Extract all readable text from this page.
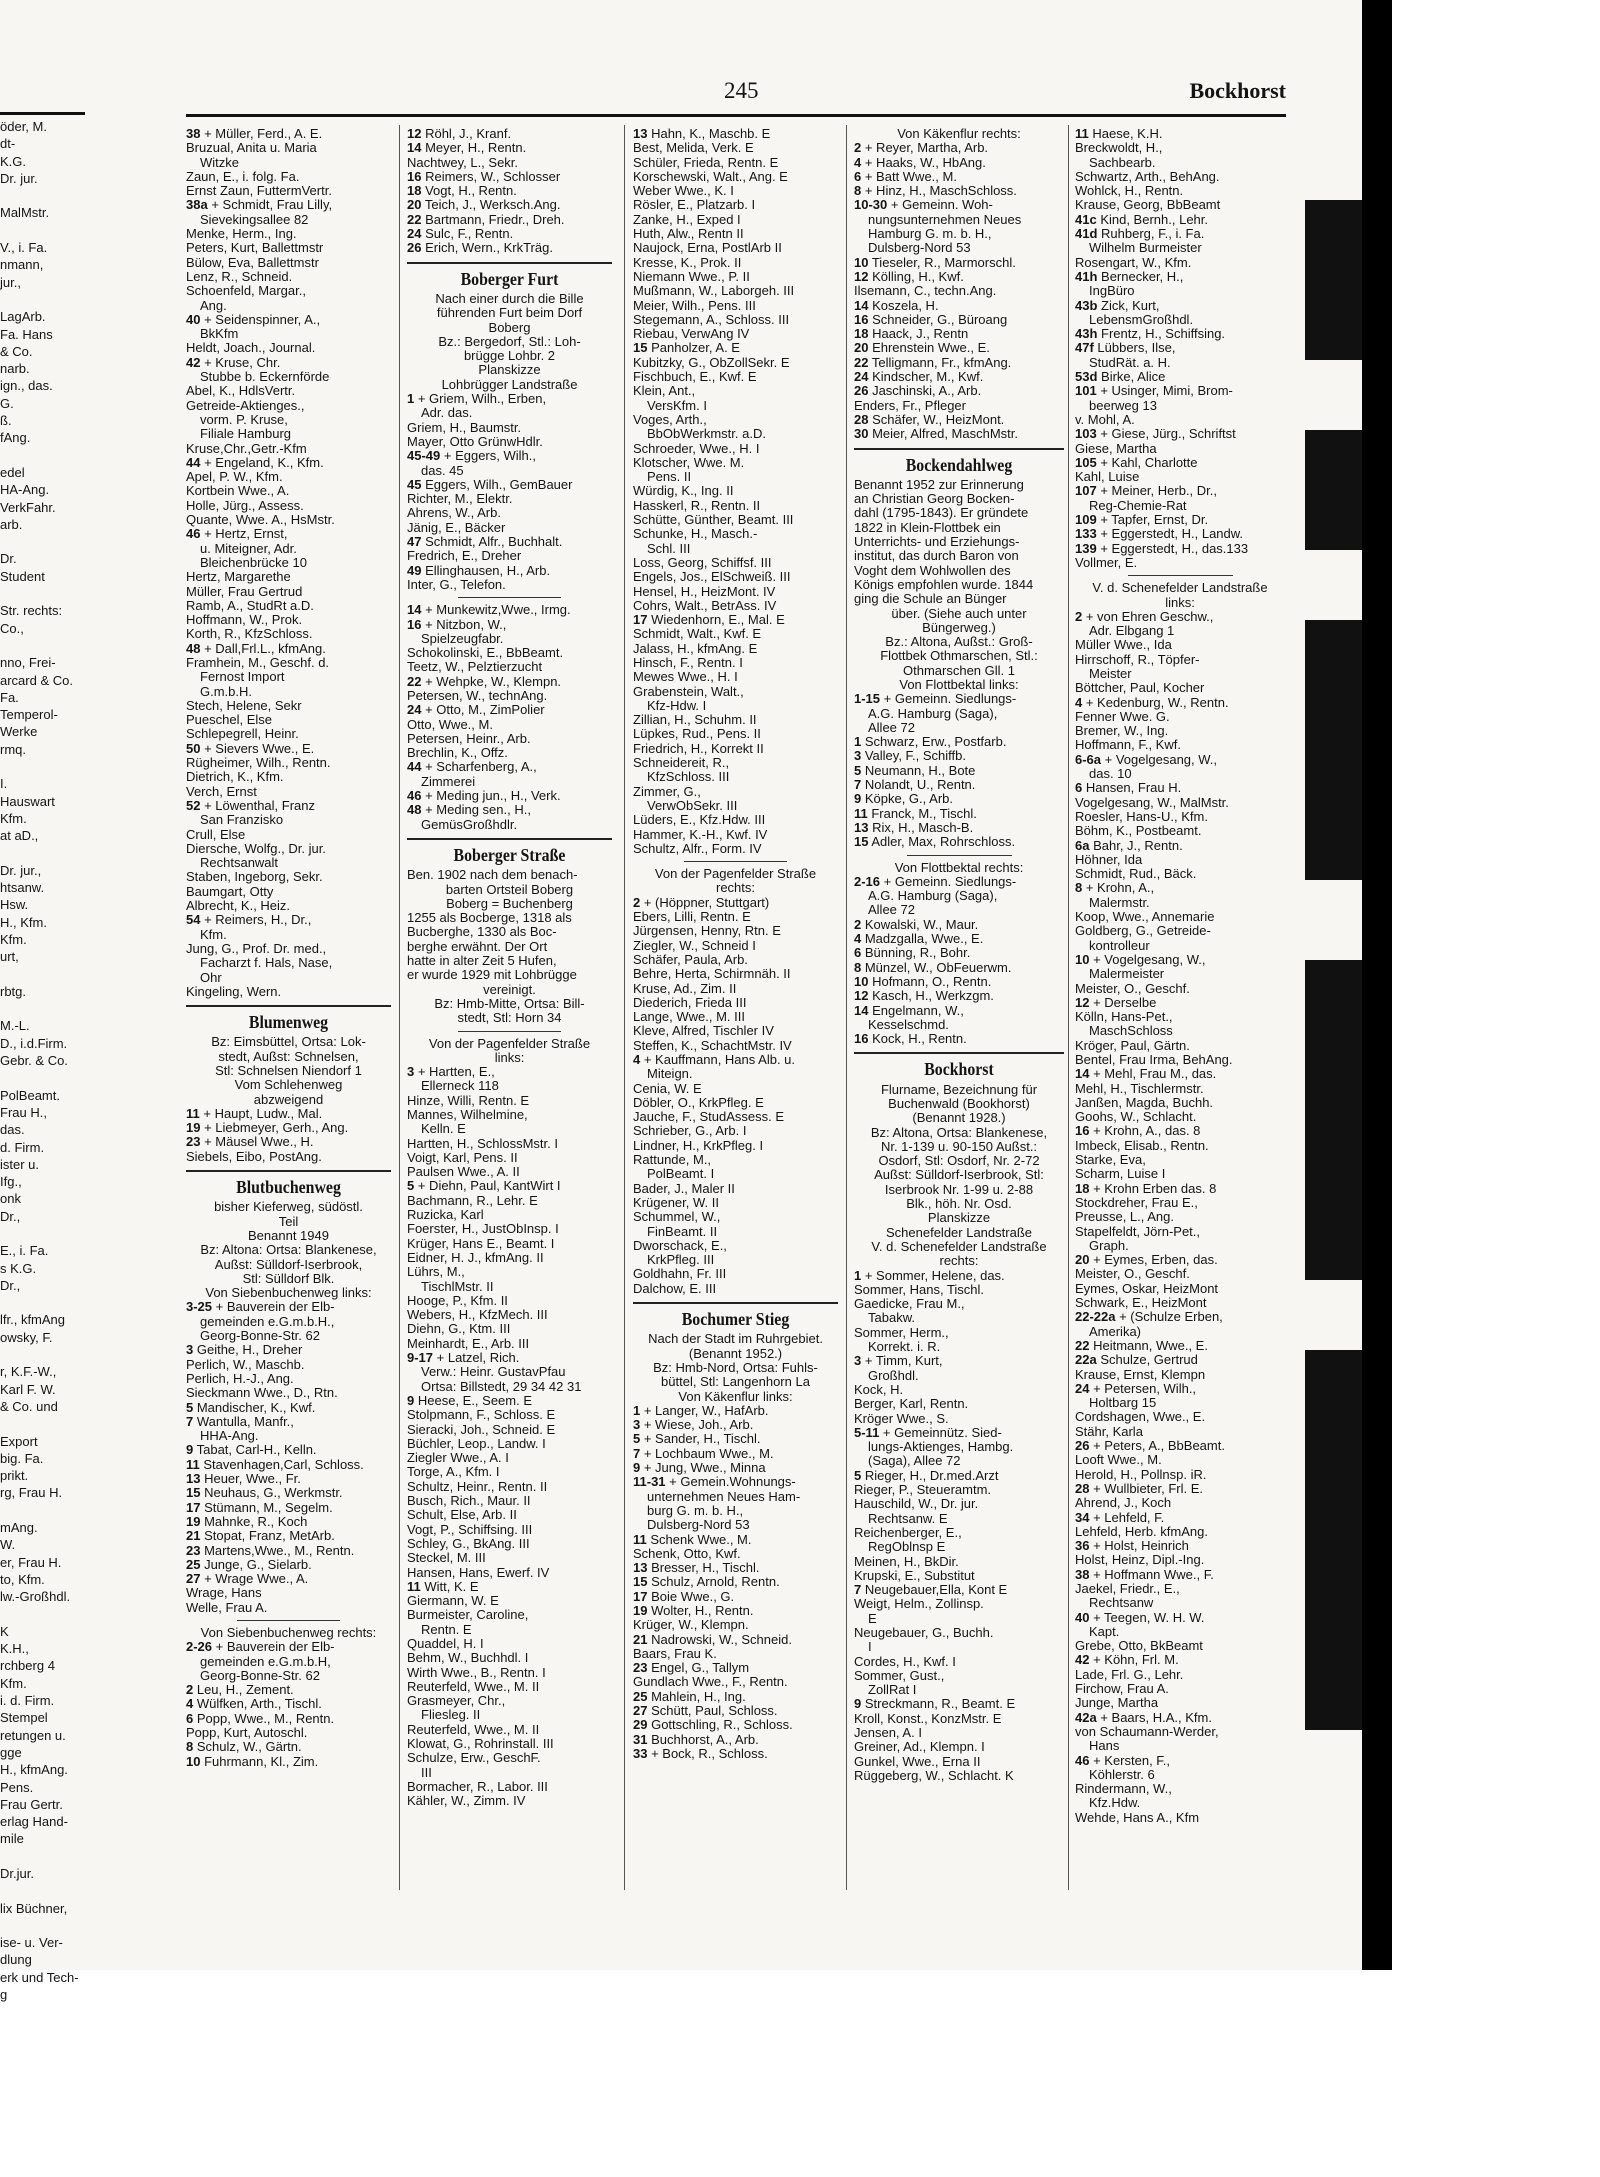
245	Bockhorst
öder, M.
dt-
K.G.
Dr. jur.

MalMstr.

V., i. Fa.
nmann,
jur.,

LagArb.
Fa. Hans
& Co.
narb.
ign., das.
G.
ß.
fAng.

edel
HA-Ang.
VerkFahr.
arb.

Dr.
Student

Str. rechts:
Co.,

nno, Frei-
arcard & Co.
Fa.
Temperol-
Werke
rmq.

I.
Hauswart
Kfm.
at aD.,

Dr. jur.,
htsanw.
Hsw.
H., Kfm.
Kfm.
urt,

rbtg.

M.-L.
D., i.d.Firm.
Gebr. & Co.

PolBeamt.
Frau H.,
das.
d. Firm.
ister u.
Ifg.,
onk
Dr.,

E., i. Fa.
s K.G.
Dr.,

lfr., kfmAng
owsky, F.

r, K.F.-W.,
Karl F. W.
& Co. und

Export
big. Fa.
prikt.
rg, Frau H.

mAng.
W.
er, Frau H.
to, Kfm.
lw.-Großhdl.

K
K.H.,
rchberg 4
Kfm.
i. d. Firm.
Stempel
retungen u.
gge
H., kfmAng.
Pens.
Frau Gertr.
erlag Hand-
mile

Dr.jur.

lix Büchner,

ise- u. Ver-
dlung
erk und Tech-
g
38 + Müller, Ferd., A. E.
Bruzual, Anita u. Maria
Witzke
Zaun, E., i. folg. Fa.
Ernst Zaun, FuttermVertr.
38a + Schmidt, Frau Lilly,
Sievekingsallee 82
Menke, Herm., Ing.
Peters, Kurt, Ballettmstr
Bülow, Eva, Ballettmstr
Lenz, R., Schneid.
Schoenfeld, Margar.,
Ang.
40 + Seidenspinner, A.,
BkKfm
Heldt, Joach., Journal.
42 + Kruse, Chr.
Stubbe b. Eckernförde
Abel, K., HdlsVertr.
Getreide-Aktienges.,
vorm. P. Kruse,
Filiale Hamburg
Kruse,Chr.,Getr.-Kfm
44 + Engeland, K., Kfm.
Apel, P. W., Kfm.
Kortbein Wwe., A.
Holle, Jürg., Assess.
Quante, Wwe. A., HsMstr.
46 + Hertz, Ernst,
u. Miteigner, Adr.
Bleichenbrücke 10
Hertz, Margarethe
Müller, Frau Gertrud
Ramb, A., StudRt a.D.
Hoffmann, W., Prok.
Korth, R., KfzSchloss.
48 + Dall,Frl.L., kfmAng.
Framhein, M., Geschf. d.
Fernost Import
G.m.b.H.
Stech, Helene, Sekr
Pueschel, Else
Schlepegrell, Heinr.
50 + Sievers Wwe., E.
Rügheimer, Wilh., Rentn.
Dietrich, K., Kfm.
Verch, Ernst
52 + Löwenthal, Franz
San Franzisko
Crull, Else
Diersche, Wolfg., Dr. jur.
Rechtsanwalt
Staben, Ingeborg, Sekr.
Baumgart, Otty
Albrecht, K., Heiz.
54 + Reimers, H., Dr.,
Kfm.
Jung, G., Prof. Dr. med.,
Facharzt f. Hals, Nase,
Ohr
Kingeling, Wern.
Blumenweg
Bz: Eimsbüttel, Ortsa: Lok-
stedt, Außst: Schnelsen,
Stl: Schnelsen Niendorf 1
Vom Schlehenweg
abzweigend
11 + Haupt, Ludw., Mal.
19 + Liebmeyer, Gerh., Ang.
23 + Mäusel Wwe., H.
Siebels, Eibo, PostAng.
Blutbuchenweg
bisher Kieferweg, südöstl.
Teil
Benannt 1949
Bz: Altona: Ortsa: Blankenese,
Außst: Sülldorf-Iserbrook,
Stl: Sülldorf Blk.
Von Siebenbuchenweg links:
3-25 + Bauverein der Elb-
gemeinden e.G.m.b.H.,
Georg-Bonne-Str. 62
3 Geithe, H., Dreher
Perlich, W., Maschb.
Perlich, H.-J., Ang.
Sieckmann Wwe., D., Rtn.
5 Mandischer, K., Kwf.
7 Wantulla, Manfr.,
HHA-Ang.
9 Tabat, Carl-H., Kelln.
11 Stavenhagen,Carl, Schloss.
13 Heuer, Wwe., Fr.
15 Neuhaus, G., Werkmstr.
17 Stümann, M., Segelm.
19 Mahnke, R., Koch
21 Stopat, Franz, MetArb.
23 Martens,Wwe., M., Rentn.
25 Junge, G., Sielarb.
27 + Wrage Wwe., A.
Wrage, Hans
Welle, Frau A.
Von Siebenbuchenweg rechts:
2-26 + Bauverein der Elb-
gemeinden e.G.m.b.H,
Georg-Bonne-Str. 62
2 Leu, H., Zement.
4 Wülfken, Arth., Tischl.
6 Popp, Wwe., M., Rentn.
Popp, Kurt, Autoschl.
8 Schulz, W., Gärtn.
10 Fuhrmann, Kl., Zim.
12 Röhl, J., Kranf.
14 Meyer, H., Rentn.
Nachtwey, L., Sekr.
16 Reimers, W., Schlosser
18 Vogt, H., Rentn.
20 Teich, J., Werksch.Ang.
22 Bartmann, Friedr., Dreh.
24 Sulc, F., Rentn.
26 Erich, Wern., KrkTräg.
Boberger Furt
Nach einer durch die Bille
führenden Furt beim Dorf
Boberg
Bz.: Bergedorf, Stl.: Loh-
brügge Lohbr. 2
Planskizze
Lohbrügger Landstraße
1 + Griem, Wilh., Erben,
Adr. das.
Griem, H., Baumstr.
Mayer, Otto GrünwHdlr.
45-49 + Eggers, Wilh.,
das. 45
45 Eggers, Wilh., GemBauer
Richter, M., Elektr.
Ahrens, W., Arb.
Jänig, E., Bäcker
47 Schmidt, Alfr., Buchhalt.
Fredrich, E., Dreher
49 Ellinghausen, H., Arb.
Inter, G., Telefon.
14 + Munkewitz,Wwe., Irmg.
16 + Nitzbon, W.,
Spielzeugfabr.
Schokolinski, E., BbBeamt.
Teetz, W., Pelztierzucht
22 + Wehpke, W., Klempn.
Petersen, W., technAng.
24 + Otto, M., ZimPolier
Otto, Wwe., M.
Petersen, Heinr., Arb.
Brechlin, K., Offz.
44 + Scharfenberg, A.,
Zimmerei
46 + Meding jun., H., Verk.
48 + Meding sen., H.,
GemüsGroßhdlr.
Boberger Straße
Ben. 1902 nach dem benach-
barten Ortsteil Boberg
Boberg = Buchenberg
1255 als Bocberge, 1318 als
Bucberghe, 1330 als Boc-
berghe erwähnt. Der Ort
hatte in alter Zeit 5 Hufen,
er wurde 1929 mit Lohbrügge
vereinigt.
Bz: Hmb-Mitte, Ortsa: Bill-
stedt, Stl: Horn 34
Von der Pagenfelder Straße
links:
3 + Hartten, E.,
Ellerneck 118
Hinze, Willi, Rentn. E
Mannes, Wilhelmine,
Kelln. E
Hartten, H., SchlossMstr. I
Voigt, Karl, Pens. II
Paulsen Wwe., A. II
5 + Diehn, Paul, KantWirt I
Bachmann, R., Lehr. E
Ruzicka, Karl
Foerster, H., JustObInsp. I
Krüger, Hans E., Beamt. I
Eidner, H. J., kfmAng. II
Lührs, M.,
TischlMstr. II
Hooge, P., Kfm. II
Webers, H., KfzMech. III
Diehn, G., Ktm. III
Meinhardt, E., Arb. III
9-17 + Latzel, Rich.
Verw.: Heinr. GustavPfau
Ortsa: Billstedt, 29 34 42 31
9 Heese, E., Seem. E
Stolpmann, F., Schloss. E
Sieracki, Joh., Schneid. E
Büchler, Leop., Landw. I
Ziegler Wwe., A. I
Torge, A., Kfm. I
Schultz, Heinr., Rentn. II
Busch, Rich., Maur. II
Schult, Else, Arb. II
Vogt, P., Schiffsing. III
Schley, G., BkAng. III
Steckel, M. III
Hansen, Hans, Ewerf. IV
11 Witt, K. E
Giermann, W. E
Burmeister, Caroline,
Rentn. E
Quaddel, H. I
Behm, W., Buchhdl. I
Wirth Wwe., B., Rentn. I
Reuterfeld, Wwe., M. II
Grasmeyer, Chr.,
Fliesleg. II
Reuterfeld, Wwe., M. II
Klowat, G., Rohrinstall. III
Schulze, Erw., GeschF.
III
Bormacher, R., Labor. III
Kähler, W., Zimm. IV
13 Hahn, K., Maschb. E
Best, Melida, Verk. E
Schüler, Frieda, Rentn. E
Korschewski, Walt., Ang. E
Weber Wwe., K. I
Rösler, E., Platzarb. I
Zanke, H., Exped I
Huth, Alw., Rentn II
Naujock, Erna, PostlArb II
Kresse, K., Prok. II
Niemann Wwe., P. II
Mußmann, W., Laborgeh. III
Meier, Wilh., Pens. III
Stegemann, A., Schloss. III
Riebau, VerwAng IV
15 Panholzer, A. E
Kubitzky, G., ObZollSekr. E
Fischbuch, E., Kwf. E
Klein, Ant.,
VersKfm. I
Voges, Arth.,
BbObWerkmstr. a.D.
Schroeder, Wwe., H. I
Klotscher, Wwe. M.
Pens. II
Würdig, K., Ing. II
Hasskerl, R., Rentn. II
Schütte, Günther, Beamt. III
Schunke, H., Masch.-
Schl. III
Loss, Georg, Schiffsf. III
Engels, Jos., ElSchweiß. III
Hensel, H., HeizMont. IV
Cohrs, Walt., BetrAss. IV
17 Wiedenhorn, E., Mal. E
Schmidt, Walt., Kwf. E
Jalass, H., kfmAng. E
Hinsch, F., Rentn. I
Mewes Wwe., H. I
Grabenstein, Walt.,
Kfz-Hdw. I
Zillian, H., Schuhm. II
Lüpkes, Rud., Pens. II
Friedrich, H., Korrekt II
Schneidereit, R.,
KfzSchloss. III
Zimmer, G.,
VerwObSekr. III
Lüders, E., Kfz.Hdw. III
Hammer, K.-H., Kwf. IV
Schultz, Alfr., Form. IV
Von der Pagenfelder Straße
rechts:
2 + (Höppner, Stuttgart)
Ebers, Lilli, Rentn. E
Jürgensen, Henny, Rtn. E
Ziegler, W., Schneid I
Schäfer, Paula, Arb.
Behre, Herta, Schirmnäh. II
Kruse, Ad., Zim. II
Diederich, Frieda III
Lange, Wwe., M. III
Kleve, Alfred, Tischler IV
Steffen, K., SchachtMstr. IV
4 + Kauffmann, Hans Alb. u.
Miteign.
Cenia, W. E
Döbler, O., KrkPfleg. E
Jauche, F., StudAssess. E
Schrieber, G., Arb. I
Lindner, H., KrkPfleg. I
Rattunde, M.,
PolBeamt. I
Bader, J., Maler II
Krügener, W. II
Schummel, W.,
FinBeamt. II
Dworschack, E.,
KrkPfleg. III
Goldhahn, Fr. III
Dalchow, E. III
Bochumer Stieg
Nach der Stadt im Ruhrgebiet.
(Benannt 1952.)
Bz: Hmb-Nord, Ortsa: Fuhls-
büttel, Stl: Langenhorn La
Von Käkenflur links:
1 + Langer, W., HafArb.
3 + Wiese, Joh., Arb.
5 + Sander, H., Tischl.
7 + Lochbaum Wwe., M.
9 + Jung, Wwe., Minna
11-31 + Gemein.Wohnungs-
unternehmen Neues Ham-
burg G. m. b. H.,
Dulsberg-Nord 53
11 Schenk Wwe., M.
Schenk, Otto, Kwf.
13 Bresser, H., Tischl.
15 Schulz, Arnold, Rentn.
17 Boie Wwe., G.
19 Wolter, H., Rentn.
Krüger, W., Klempn.
21 Nadrowski, W., Schneid.
Baars, Frau K.
23 Engel, G., Tallym
Gundlach Wwe., F., Rentn.
25 Mahlein, H., Ing.
27 Schütt, Paul, Schloss.
29 Gottschling, R., Schloss.
31 Buchhorst, A., Arb.
33 + Bock, R., Schloss.
Von Käkenflur rechts:
2 + Reyer, Martha, Arb.
4 + Haaks, W., HbAng.
6 + Batt Wwe., M.
8 + Hinz, H., MaschSchloss.
10-30 + Gemeinn. Woh-
nungsunternehmen Neues
Hamburg G. m. b. H.,
Dulsberg-Nord 53
10 Tieseler, R., Marmorschl.
12 Kölling, H., Kwf.
Ilsemann, C., techn.Ang.
14 Koszela, H.
16 Schneider, G., Büroang
18 Haack, J., Rentn
20 Ehrenstein Wwe., E.
22 Telligmann, Fr., kfmAng.
24 Kindscher, M., Kwf.
26 Jaschinski, A., Arb.
Enders, Fr., Pfleger
28 Schäfer, W., HeizMont.
30 Meier, Alfred, MaschMstr.
Bockendahlweg
Benannt 1952 zur Erinnerung
an Christian Georg Bocken-
dahl (1795-1843). Er gründete
1822 in Klein-Flottbek ein
Unterrichts- und Erziehungs-
institut, das durch Baron von
Voght dem Wohlwollen des
Königs empfohlen wurde. 1844
ging die Schule an Bünger
über. (Siehe auch unter
Büngerweg.)
Bz.: Altona, Außst.: Groß-
Flottbek Othmarschen, Stl.:
Othmarschen Gll. 1
Von Flottbektal links:
1-15 + Gemeinn. Siedlungs-
A.G. Hamburg (Saga),
Allee 72
1 Schwarz, Erw., Postfarb.
3 Valley, F., Schiffb.
5 Neumann, H., Bote
7 Nolandt, U., Rentn.
9 Köpke, G., Arb.
11 Franck, M., Tischl.
13 Rix, H., Masch-B.
15 Adler, Max, Rohrschloss.
Von Flottbektal rechts:
2-16 + Gemeinn. Siedlungs-
A.G. Hamburg (Saga),
Allee 72
2 Kowalski, W., Maur.
4 Madzgalla, Wwe., E.
6 Bünning, R., Bohr.
8 Münzel, W., ObFeuerwm.
10 Hofmann, O., Rentn.
12 Kasch, H., Werkzgm.
14 Engelmann, W.,
Kesselschmd.
16 Kock, H., Rentn.
Bockhorst
Flurname, Bezeichnung für
Buchenwald (Bookhorst)
(Benannt 1928.)
Bz: Altona, Ortsa: Blankenese,
Nr. 1-139 u. 90-150 Außst.:
Osdorf, Stl: Osdorf, Nr. 2-72
Außst: Sülldorf-Iserbrook, Stl:
Iserbrook Nr. 1-99 u. 2-88
Blk., höh. Nr. Osd.
Planskizze
Schenefelder Landstraße
V. d. Schenefelder Landstraße
rechts:
1 + Sommer, Helene, das.
Sommer, Hans, Tischl.
Gaedicke, Frau M.,
Tabakw.
Sommer, Herm.,
Korrekt. i. R.
3 + Timm, Kurt,
Großhdl.
Kock, H.
Berger, Karl, Rentn.
Kröger Wwe., S.
5-11 + Gemeinnütz. Sied-
lungs-Aktienges, Hambg.
(Saga), Allee 72
5 Rieger, H., Dr.med.Arzt
Rieger, P., Steueramtm.
Hauschild, W., Dr. jur.
Rechtsanw. E
Reichenberger, E.,
RegOblnsp E
Meinen, H., BkDir.
Krupski, E., Substitut
7 Neugebauer,Ella, Kont E
Weigt, Helm., Zollinsp.
E
Neugebauer, G., Buchh.
I
Cordes, H., Kwf. I
Sommer, Gust.,
ZollRat I
9 Streckmann, R., Beamt. E
Kroll, Konst., KonzMstr. E
Jensen, A. I
Greiner, Ad., Klempn. I
Gunkel, Wwe., Erna II
Rüggeberg, W., Schlacht. K
11 Haese, K.H.
Breckwoldt, H.,
Sachbearb.
Schwartz, Arth., BehAng.
Wohlck, H., Rentn.
Krause, Georg, BbBeamt
41c Kind, Bernh., Lehr.
41d Ruhberg, F., i. Fa.
Wilhelm Burmeister
Rosengart, W., Kfm.
41h Bernecker, H.,
IngBüro
43b Zick, Kurt,
LebensmGroßhdl.
43h Frentz, H., Schiffsing.
47f Lübbers, Ilse,
StudRät. a. H.
53d Birke, Alice
101 + Usinger, Mimi, Brom-
beerweg 13
v. Mohl, A.
103 + Giese, Jürg., Schriftst
Giese, Martha
105 + Kahl, Charlotte
Kahl, Luise
107 + Meiner, Herb., Dr.,
Reg-Chemie-Rat
109 + Tapfer, Ernst, Dr.
133 + Eggerstedt, H., Landw.
139 + Eggerstedt, H., das.133
Vollmer, E.
V. d. Schenefelder Landstraße
links:
2 + von Ehren Geschw.,
Adr. Elbgang 1
Müller Wwe., Ida
Hirrschoff, R., Töpfer-
Meister
Böttcher, Paul, Kocher
4 + Kedenburg, W., Rentn.
Fenner Wwe. G.
Bremer, W., Ing.
Hoffmann, F., Kwf.
6-6a + Vogelgesang, W.,
das. 10
6 Hansen, Frau H.
Vogelgesang, W., MalMstr.
Roesler, Hans-U., Kfm.
Böhm, K., Postbeamt.
6a Bahr, J., Rentn.
Höhner, Ida
Schmidt, Rud., Bäck.
8 + Krohn, A.,
Malermstr.
Koop, Wwe., Annemarie
Goldberg, G., Getreide-
kontrolleur
10 + Vogelgesang, W.,
Malermeister
Meister, O., Geschf.
12 + Derselbe
Kölln, Hans-Pet.,
MaschSchloss
Kröger, Paul, Gärtn.
Bentel, Frau Irma, BehAng.
14 + Mehl, Frau M., das.
Mehl, H., Tischlermstr.
Janßen, Magda, Buchh.
Goohs, W., Schlacht.
16 + Krohn, A., das. 8
Imbeck, Elisab., Rentn.
Starke, Eva,
Scharm, Luise I
18 + Krohn Erben das. 8
Stockdreher, Frau E.,
Preusse, L., Ang.
Stapelfeldt, Jörn-Pet.,
Graph.
20 + Eymes, Erben, das.
Meister, O., Geschf.
Eymes, Oskar, HeizMont
Schwark, E., HeizMont
22-22a + (Schulze Erben,
Amerika)
22 Heitmann, Wwe., E.
22a Schulze, Gertrud
Krause, Ernst, Klempn
24 + Petersen, Wilh.,
Holtbarg 15
Cordshagen, Wwe., E.
Stähr, Karla
26 + Peters, A., BbBeamt.
Looft Wwe., M.
Herold, H., Pollnsp. iR.
28 + Wullbieter, Frl. E.
Ahrend, J., Koch
34 + Lehfeld, F.
Lehfeld, Herb. kfmAng.
36 + Holst, Heinrich
Holst, Heinz, Dipl.-Ing.
38 + Hoffmann Wwe., F.
Jaekel, Friedr., E.,
Rechtsanw
40 + Teegen, W. H. W.
Kapt.
Grebe, Otto, BkBeamt
42 + Köhn, Frl. M.
Lade, Frl. G., Lehr.
Firchow, Frau A.
Junge, Martha
42a + Baars, H.A., Kfm.
von Schaumann-Werder,
Hans
46 + Kersten, F.,
Köhlerstr. 6
Rindermann, W.,
Kfz.Hdw.
Wehde, Hans A., Kfm
